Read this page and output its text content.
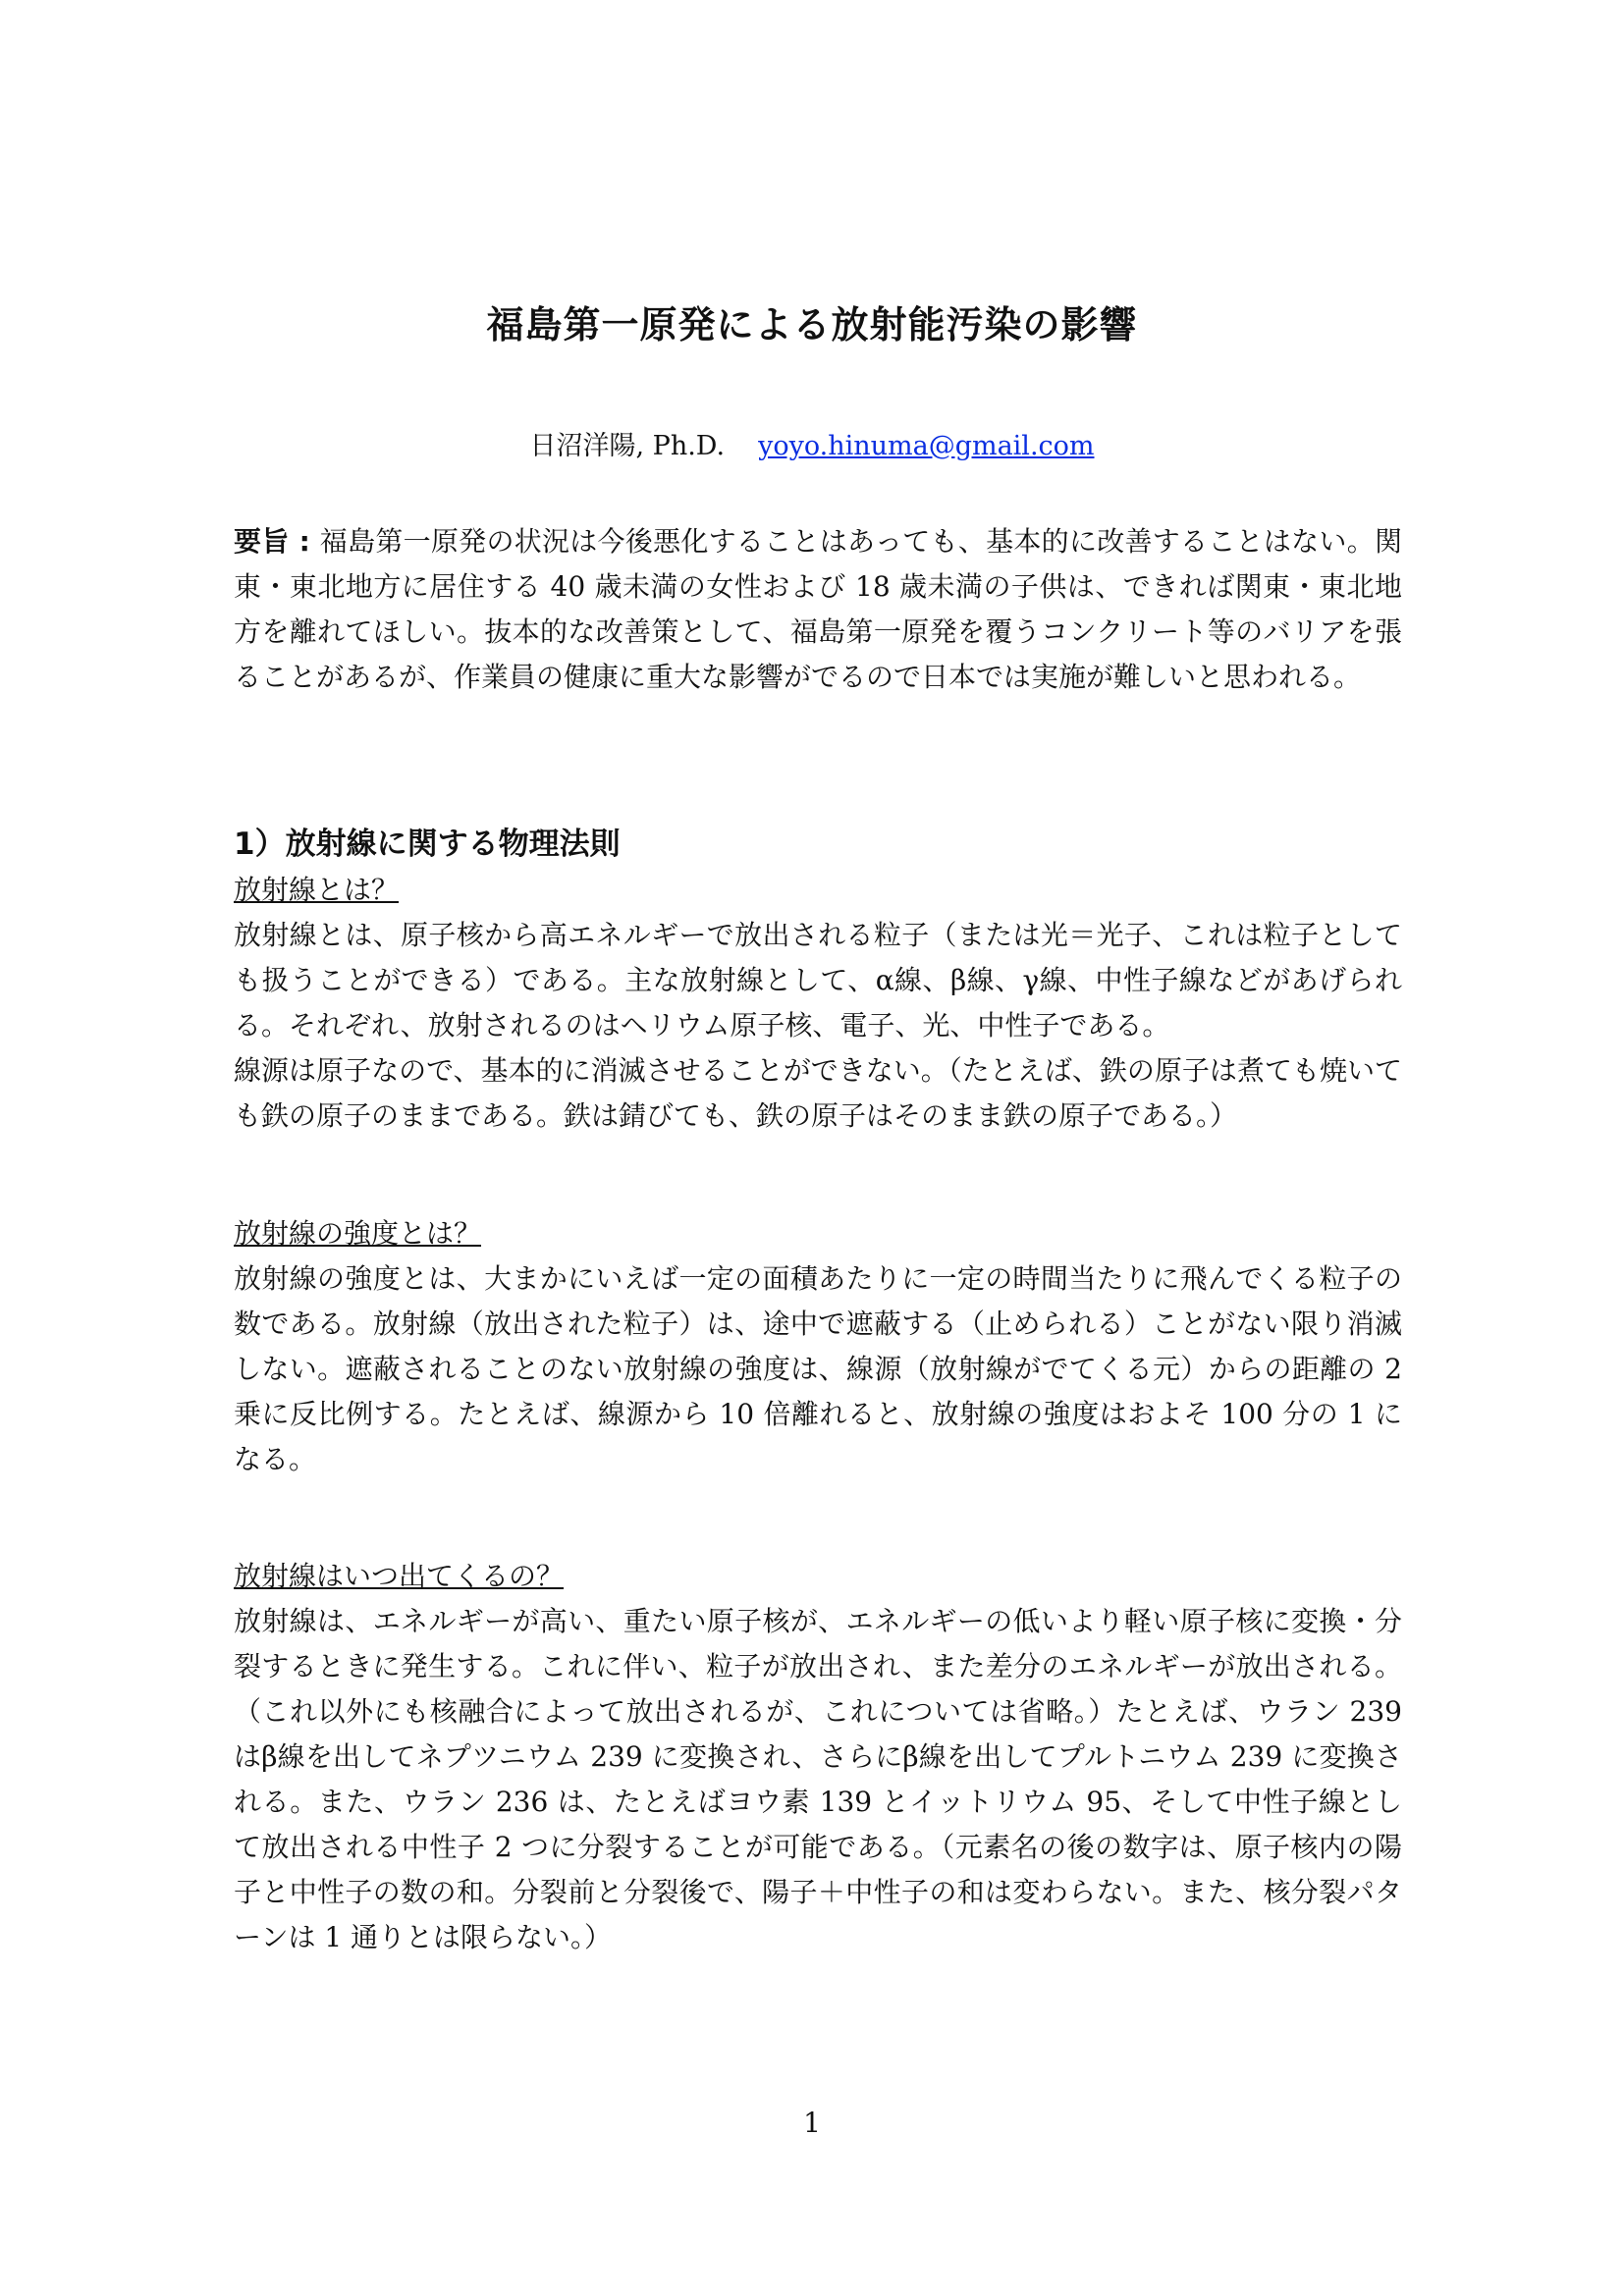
福島第一原発による放射能汚染の影響
日沼洋陽, Ph.D. yoyo.hinuma@gmail.com

要旨 : 福島第一原発の状況は今後悪化することはあっても、基本的に改善することはない。関東・東北地方に居住する 40 歳未満の女性および 18 歳未満の子供は、できれば関東・東北地方を離れてほしい。抜本的な改善策として、福島第一原発を覆うコンクリート等のバリアを張ることがあるが、作業員の健康に重大な影響がでるので日本では実施が難しいと思われる。

1）放射線に関する物理法則
放射線とは？

放射線とは、原子核から高エネルギーで放出される粒子（または光＝光子、これは粒子としても扱うことができる）である。主な放射線として、α線、β線、γ線、中性子線などがあげられる。それぞれ、放射されるのはヘリウム原子核、電子、光、中性子である。

線源は原子なので、基本的に消滅させることができない。（たとえば、鉄の原子は煮ても焼いても鉄の原子のままである。鉄は錆びても、鉄の原子はそのまま鉄の原子である。）

放射線の強度とは？

放射線の強度とは、大まかにいえば一定の面積あたりに一定の時間当たりに飛んでくる粒子の数である。放射線（放出された粒子）は、途中で遮蔽する（止められる）ことがない限り消滅しない。遮蔽されることのない放射線の強度は、線源（放射線がでてくる元）からの距離の 2 乗に反比例する。たとえば、線源から 10 倍離れると、放射線の強度はおよそ 100 分の 1 になる。

放射線はいつ出てくるの？

放射線は、エネルギーが高い、重たい原子核が、エネルギーの低いより軽い原子核に変換・分裂するときに発生する。これに伴い、粒子が放出され、また差分のエネルギーが放出される。（これ以外にも核融合によって放出されるが、これについては省略。）たとえば、ウラン 239 はβ線を出してネプツニウム 239 に変換され、さらにβ線を出してプルトニウム 239 に変換される。また、ウラン 236 は、たとえばヨウ素 139 とイットリウム 95、そして中性子線として放出される中性子 2 つに分裂することが可能である。（元素名の後の数字は、原子核内の陽子と中性子の数の和。分裂前と分裂後で、陽子＋中性子の和は変わらない。また、核分裂パターンは 1 通りとは限らない。）

1
